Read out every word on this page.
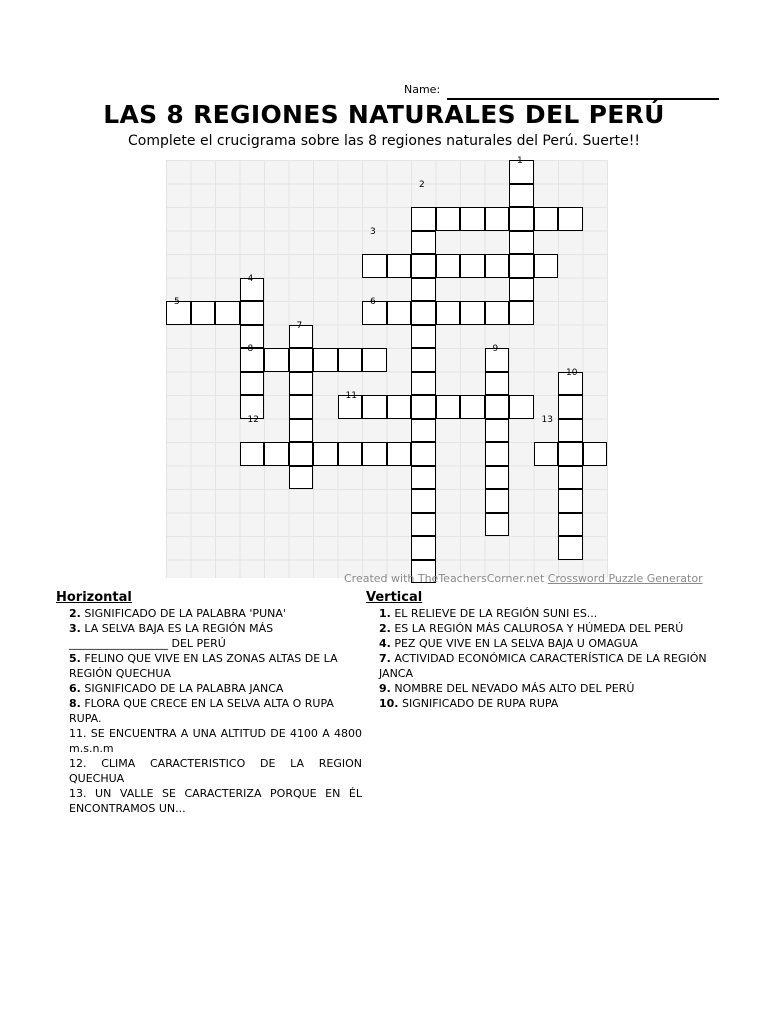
Name:
LAS 8 REGIONES NATURALES DEL PERÚ
Complete el crucigrama sobre las 8 regiones naturales del Perú. Suerte!!
1
2
3
4
5	6
7
8	9
10
11
12	13
Created with TheTeachersCorner.net Crossword Puzzle Generator
Horizontal

2. SIGNIFICADO DE LA PALABRA 'PUNA'

3. LA SELVA BAJA ES LA REGIÓN MÁS __________________ DEL PERÚ

5. FELINO QUE VIVE EN LAS ZONAS ALTAS DE LA REGIÓN QUECHUA

6. SIGNIFICADO DE LA PALABRA JANCA

8. FLORA QUE CRECE EN LA SELVA ALTA O RUPA RUPA.

11. SE ENCUENTRA A UNA ALTITUD DE 4100 A 4800 m.s.n.m

12. CLIMA CARACTERISTICO DE LA REGION QUECHUA

13. UN VALLE SE CARACTERIZA PORQUE EN ÉL ENCONTRAMOS UN...

Vertical

1. EL RELIEVE DE LA REGIÓN SUNI ES...

2. ES LA REGIÓN MÁS CALUROSA Y HÚMEDA DEL PERÚ

4. PEZ QUE VIVE EN LA SELVA BAJA U OMAGUA

7. ACTIVIDAD ECONÓMICA CARACTERÍSTICA DE LA REGIÓN JANCA

9. NOMBRE DEL NEVADO MÁS ALTO DEL PERÚ

10. SIGNIFICADO DE RUPA RUPA
